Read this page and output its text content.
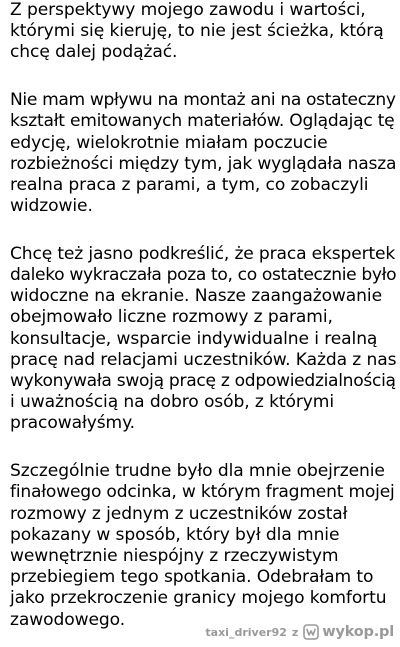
Z perspektywy mojego zawodu i wartości,
którymi się kieruję, to nie jest ścieżka, którą
chcę dalej podążać.

Nie mam wpływu na montaż ani na ostateczny
kształt emitowanych materiałów. Oglądając tę
edycję, wielokrotnie miałam poczucie
rozbieżności między tym, jak wyglądała nasza
realna praca z parami, a tym, co zobaczyli
widzowie.

Chcę też jasno podkreślić, że praca ekspertek
daleko wykraczała poza to, co ostatecznie było
widoczne na ekranie. Nasze zaangażowanie
obejmowało liczne rozmowy z parami,
konsultacje, wsparcie indywidualne i realną
pracę nad relacjami uczestników. Każda z nas
wykonywała swoją pracę z odpowiedzialnością
i uważnością na dobro osób, z którymi
pracowałyśmy.

Szczególnie trudne było dla mnie obejrzenie
finałowego odcinka, w którym fragment mojej
rozmowy z jednym z uczestników został
pokazany w sposób, który był dla mnie
wewnętrznie niespójny z rzeczywistym
przebiegiem tego spotkania. Odebrałam to
jako przekroczenie granicy mojego komfortu
zawodowego.

taxi_driver92 z wykop.pl
